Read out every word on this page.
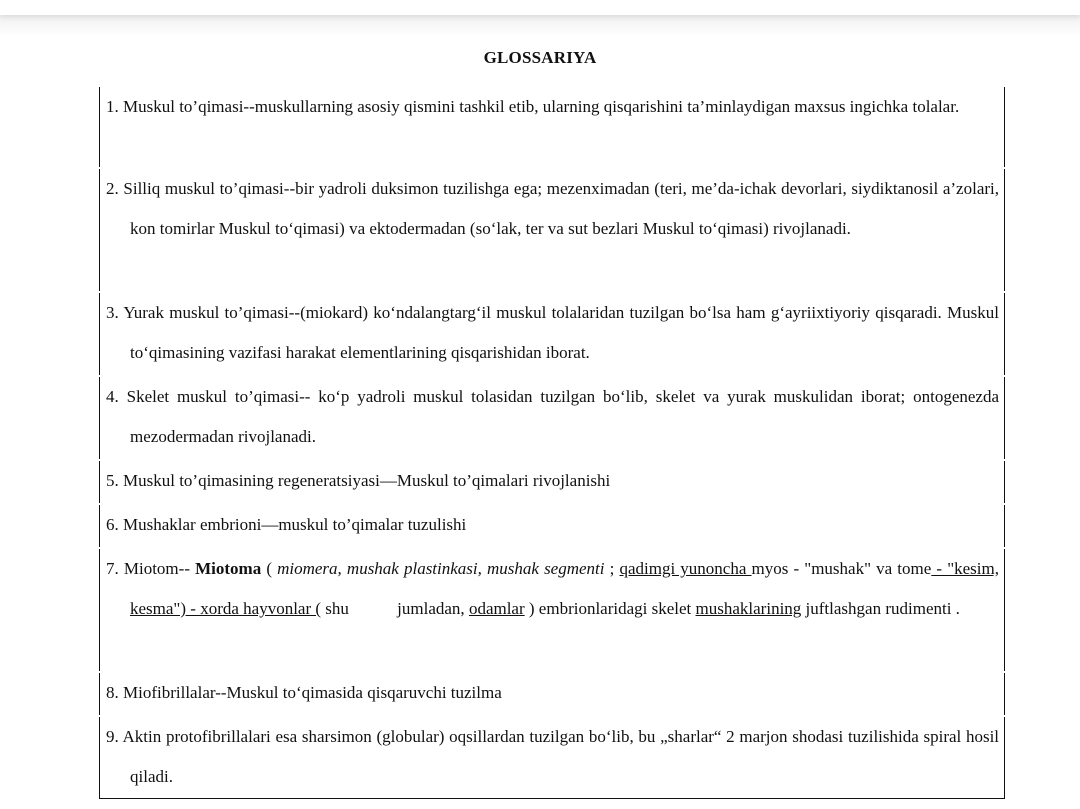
GLOSSARIYA

1. Muskul to’qimasi--muskullarning asosiy qismini tashkil etib, ularning qisqarishini ta’minlaydigan maxsus ingichka tolalar.

2. Silliq muskul to’qimasi--bir yadroli duksimon tuzilishga ega; mezenximadan (teri, me’da-ichak devorlari, siydiktanosil a’zolari, kon tomirlar Muskul to‘qimasi) va ektodermadan (so‘lak, ter va sut bezlari Muskul to‘qimasi) rivojlanadi.

3. Yurak muskul to’qimasi--(miokard) ko‘ndalangtarg‘il muskul tolalaridan tuzilgan bo‘lsa ham g‘ayriixtiyoriy qisqaradi. Muskul to‘qimasining vazifasi harakat elementlarining qisqarishidan iborat.

4. Skelet muskul to’qimasi-- ko‘p yadroli muskul tolasidan tuzilgan bo‘lib, skelet va yurak muskulidan iborat; ontogenezda mezodermadan rivojlanadi.

5. Muskul to’qimasining regeneratsiyasi—Muskul to’qimalari rivojlanishi

6. Mushaklar embrioni—muskul to’qimalar tuzulishi

7. Miotom-- Miotoma ( miomera, mushak plastinkasi, mushak segmenti ; qadimgi yunoncha myos - "mushak" va tome - "kesim, kesma") - xorda hayvonlar ( shu	jumladan, odamlar ) embrionlaridagi skelet mushaklarining juftlashgan rudimenti .

8. Miofibrillalar--Muskul to‘qimasida qisqaruvchi tuzilma

9. Aktin protofibrillalari esa sharsimon (globular) oqsillardan tuzilgan bo‘lib, bu „sharlar“ 2 marjon shodasi tuzilishida spiral hosil qiladi.
